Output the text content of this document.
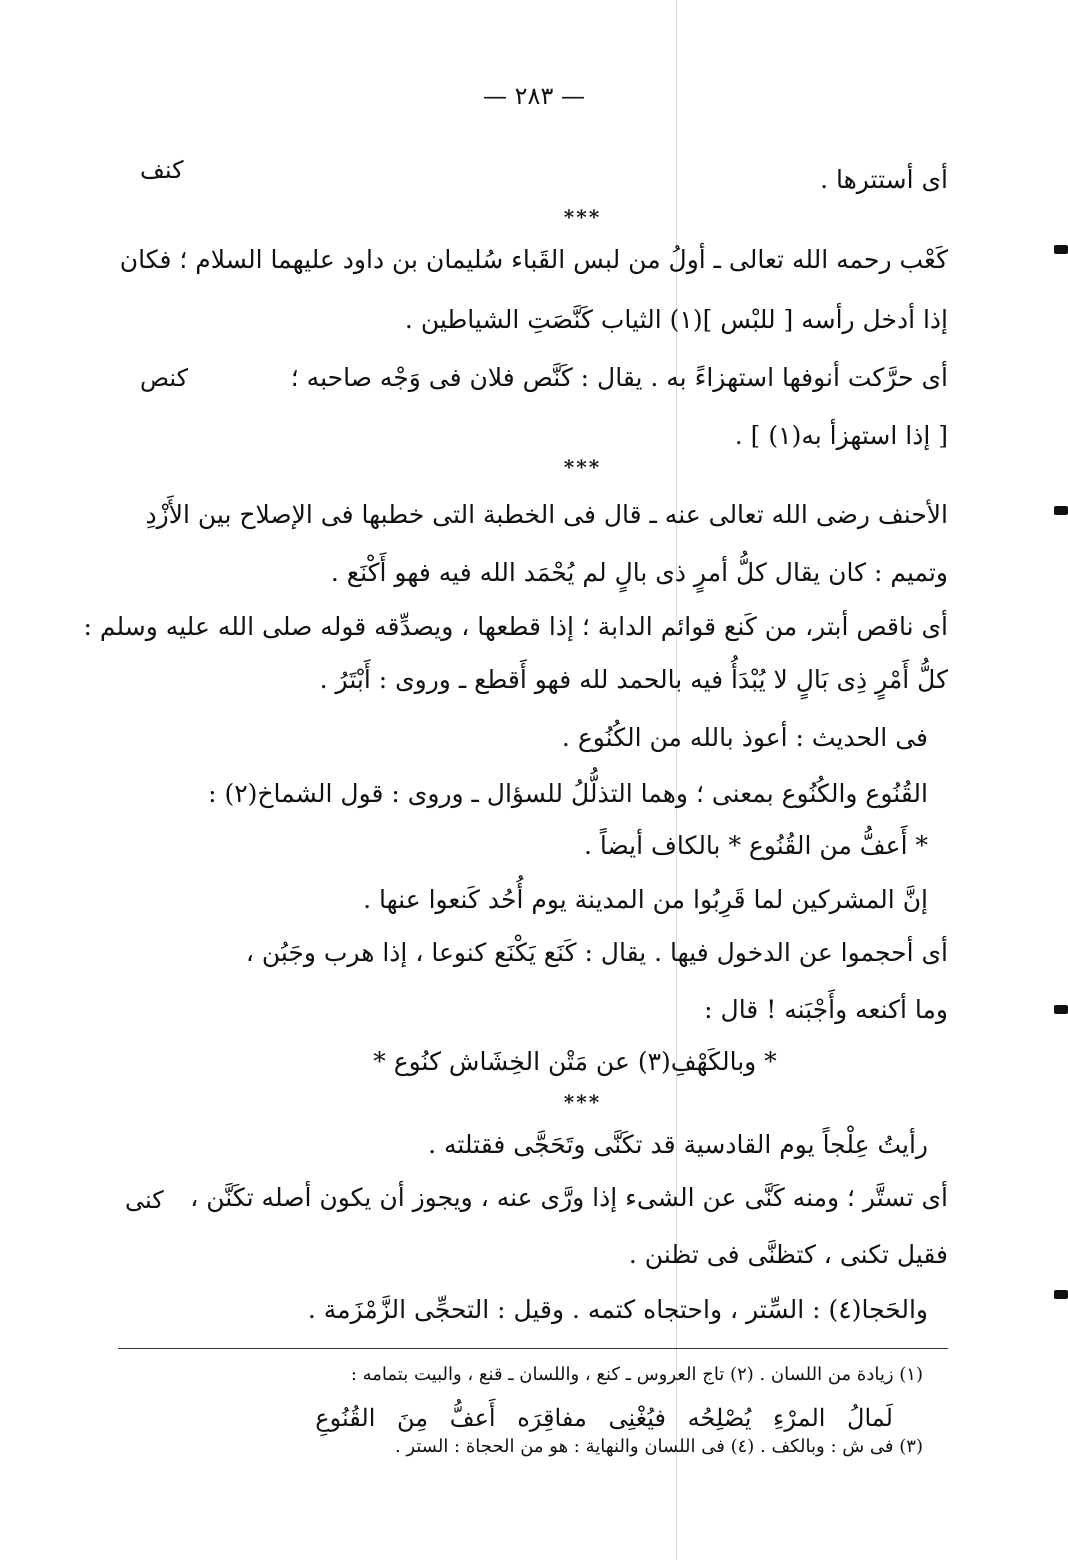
— ٢٨٣ —
كنف
كنص
كنى
أى أستترها .
***
كَعْب رحمه الله تعالى ـ أولُ من لبس القَباء سُليمان بن داود عليهما السلام ؛ فكان
إذا أدخل رأسه [ للبْس ](١) الثياب كَنَّصَتِ الشياطين .
أى حرَّكت أنوفها استهزاءً به . يقال : كَنَّص فلان فى وَجْه صاحبه ؛
[ إذا استهزأ به(١) ] .
***
الأحنف رضى الله تعالى عنه ـ قال فى الخطبة التى خطبها فى الإصلاح بين الأَزْدِ
وتميم : كان يقال كلُّ أمرٍ ذى بالٍ لم يُحْمَد الله فيه فهو أَكْنَع .
أى ناقص أبتر، من كَنع قوائم الدابة ؛ إذا قطعها ، ويصدِّقه قوله صلى الله عليه وسلم :
كلُّ أَمْرٍ ذِى بَالٍ لا يُبْدَأُ فيه بالحمد لله فهو أَقطع ـ وروى : أَبْتَرُ .
فى الحديث : أعوذ بالله من الكُنُوع .
القُنُوع والكُنُوع بمعنى ؛ وهما التذلُّلُ للسؤال ـ وروى : قول الشماخ(٢) :
* أَعفُّ من القُنُوع * بالكاف أيضاً .
إنَّ المشركين لما قَرِبُوا من المدينة يوم أُحُد كَنعوا عنها .
أى أحجموا عن الدخول فيها . يقال : كَنَع يَكْنَع كنوعا ، إذا هرب وجَبُن ،
وما أكنعه وأَجْبَنه ! قال :
* وبالكَهْفِ(٣) عن مَتْن الخِشَاش كنُوع *
***
رأيتُ عِلْجاً يوم القادسية قد تكَنَّى وتَحَجَّى فقتلته .
أى تستَّر ؛ ومنه كَنَّى عن الشىء إذا ورَّى عنه ، ويجوز أن يكون أصله تكَنَّن ،
فقيل تكنى ، كتظنَّى فى تظنن .
والحَجا(٤) : السِّتر ، واحتجاه كتمه . وقيل : التحجِّى الزَّمْزَمة .
(١) زيادة من اللسان . (٢) تاج العروس ـ كنع ، واللسان ـ قنع ، والبيت بتمامه :
لَمالُ المرْءِ يُصْلِحُه فيُغْنِى مفاقِرَه أَعفُّ مِنَ القُنُوعِ
(٣) فى ش : وبالكف . (٤) فى اللسان والنهاية : هو من الحجاة : الستر .
